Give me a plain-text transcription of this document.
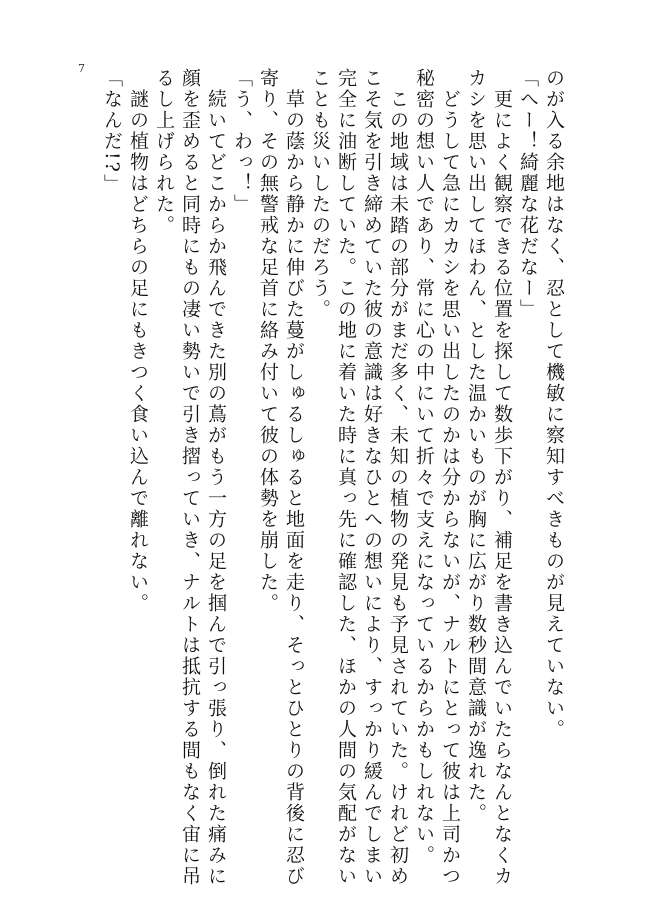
7	のが入る余地はなく、忍として機敏に察知すべきものが見えていない。
「へー！綺麗な花だなー」
　更によく観察できる位置を探して数歩下がり、補足を書き込んでいたらなんとなくカ
カシを思い出してほわん、とした温かいものが胸に広がり数秒間意識が逸れた。
　どうして急にカカシを思い出したのかは分からないが、ナルトにとって彼は上司かつ
秘密の想い人であり、常に心の中にいて折々で支えになっているからかもしれない。
　この地域は未踏の部分がまだ多く、未知の植物の発見も予見されていた。けれど初め
こそ気を引き締めていた彼の意識は好きなひとへの想いにより、すっかり緩んでしまい
完全に油断していた。この地に着いた時に真っ先に確認した、ほかの人間の気配がない
ことも災いしたのだろう。
　草の蔭から静かに伸びた蔓がしゅるしゅると地面を走り、そっとひとりの背後に忍び
寄り、その無警戒な足首に絡み付いて彼の体勢を崩した。
「う、わっ！」
　続いてどこからか飛んできた別の蔦がもう一方の足を掴んで引っ張り、倒れた痛みに
顔を歪めると同時にもの凄い勢いで引き摺っていき、ナルトは抵抗する間もなく宙に吊
るし上げられた。
　謎の植物はどちらの足にもきつく食い込んで離れない。
「なんだ!?」
